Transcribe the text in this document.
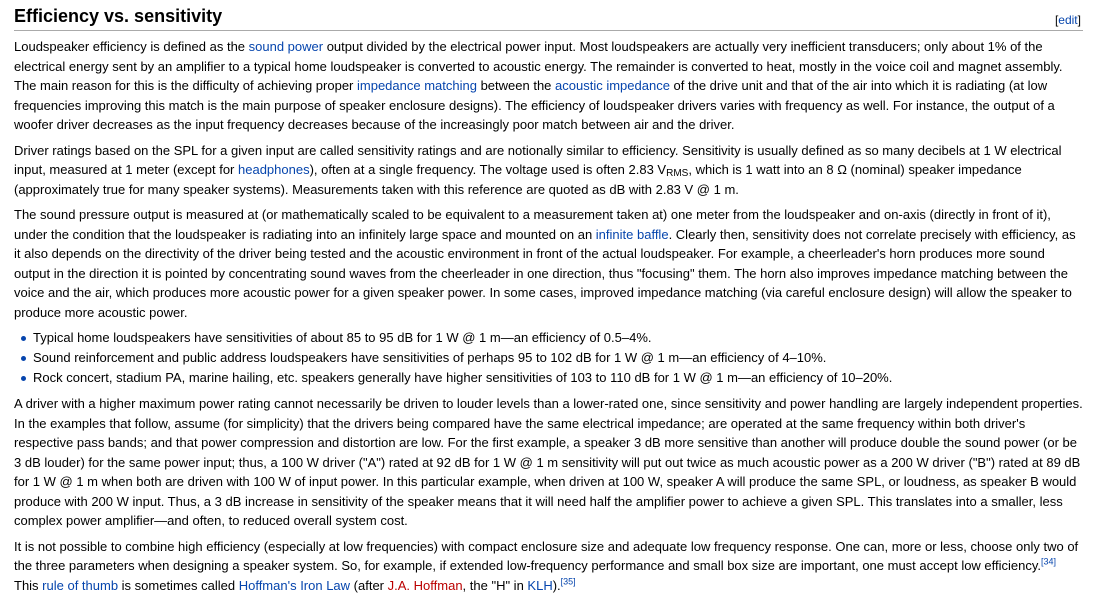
Efficiency vs. sensitivity	[edit]

Loudspeaker efficiency is defined as the sound power output divided by the electrical power input. Most loudspeakers are actually very inefficient transducers; only about 1% of the electrical energy sent by an amplifier to a typical home loudspeaker is converted to acoustic energy. The remainder is converted to heat, mostly in the voice coil and magnet assembly. The main reason for this is the difficulty of achieving proper impedance matching between the acoustic impedance of the drive unit and that of the air into which it is radiating (at low frequencies improving this match is the main purpose of speaker enclosure designs). The efficiency of loudspeaker drivers varies with frequency as well. For instance, the output of a woofer driver decreases as the input frequency decreases because of the increasingly poor match between air and the driver.

Driver ratings based on the SPL for a given input are called sensitivity ratings and are notionally similar to efficiency. Sensitivity is usually defined as so many decibels at 1 W electrical input, measured at 1 meter (except for headphones), often at a single frequency. The voltage used is often 2.83 $V_{RMS}$, which is 1 watt into an 8 Ω (nominal) speaker impedance (approximately true for many speaker systems). Measurements taken with this reference are quoted as dB with 2.83 V @ 1 m.

The sound pressure output is measured at (or mathematically scaled to be equivalent to a measurement taken at) one meter from the loudspeaker and on-axis (directly in front of it), under the condition that the loudspeaker is radiating into an infinitely large space and mounted on an infinite baffle. Clearly then, sensitivity does not correlate precisely with efficiency, as it also depends on the directivity of the driver being tested and the acoustic environment in front of the actual loudspeaker. For example, a cheerleader's horn produces more sound output in the direction it is pointed by concentrating sound waves from the cheerleader in one direction, thus "focusing" them. The horn also improves impedance matching between the voice and the air, which produces more acoustic power for a given speaker power. In some cases, improved impedance matching (via careful enclosure design) will allow the speaker to produce more acoustic power.

Typical home loudspeakers have sensitivities of about 85 to 95 dB for 1 W @ 1 m—an efficiency of 0.5–4%.
Sound reinforcement and public address loudspeakers have sensitivities of perhaps 95 to 102 dB for 1 W @ 1 m—an efficiency of 4–10%.
Rock concert, stadium PA, marine hailing, etc. speakers generally have higher sensitivities of 103 to 110 dB for 1 W @ 1 m—an efficiency of 10–20%.

A driver with a higher maximum power rating cannot necessarily be driven to louder levels than a lower-rated one, since sensitivity and power handling are largely independent properties. In the examples that follow, assume (for simplicity) that the drivers being compared have the same electrical impedance; are operated at the same frequency within both driver's respective pass bands; and that power compression and distortion are low. For the first example, a speaker 3 dB more sensitive than another will produce double the sound power (or be 3 dB louder) for the same power input; thus, a 100 W driver ("A") rated at 92 dB for 1 W @ 1 m sensitivity will put out twice as much acoustic power as a 200 W driver ("B") rated at 89 dB for 1 W @ 1 m when both are driven with 100 W of input power. In this particular example, when driven at 100 W, speaker A will produce the same SPL, or loudness, as speaker B would produce with 200 W input. Thus, a 3 dB increase in sensitivity of the speaker means that it will need half the amplifier power to achieve a given SPL. This translates into a smaller, less complex power amplifier—and often, to reduced overall system cost.

It is not possible to combine high efficiency (especially at low frequencies) with compact enclosure size and adequate low frequency response. One can, more or less, choose only two of the three parameters when designing a speaker system. So, for example, if extended low-frequency performance and small box size are important, one must accept low efficiency.[34] This rule of thumb is sometimes called Hoffman's Iron Law (after J.A. Hoffman, the "H" in KLH).[35]
